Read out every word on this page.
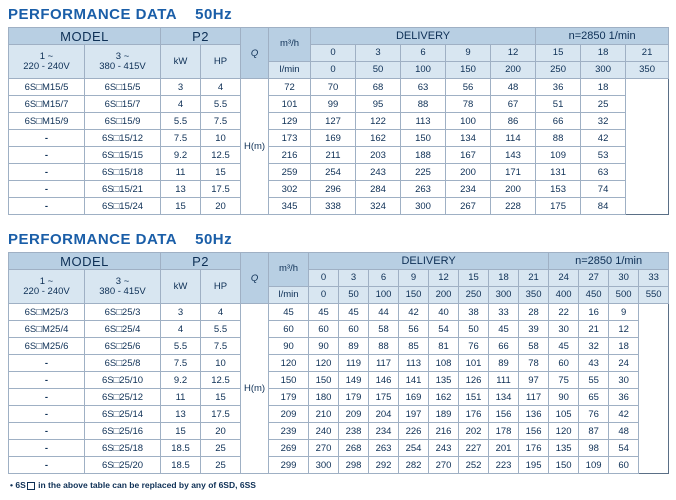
PERFORMANCE DATA 50Hz
MODEL		P2		Q	m³/h	DELIVERY					n=2850 1/min		

1 ~
220 - 240V

3 ~
380 - 415V	kW	HP	0	3	6	9	12	15	18	21
					l/min	0	50	100	150	200	250	300	350
6S□M15/5	6S□15/5	3	4	H(m)	72	70	68	63	56	48	36	18	
6S□M15/7	6S□15/7	4	5.5		101	99	95	88	78	67	51	25	
6S□M15/9	6S□15/9	5.5	7.5		129	127	122	113	100	86	66	32	
-	6S□15/12	7.5	10		173	169	162	150	134	114	88	42	
-	6S□15/15	9.2	12.5		216	211	203	188	167	143	109	53	
-	6S□15/18	11	15		259	254	243	225	200	171	131	63	
-	6S□15/21	13	17.5		302	296	284	263	234	200	153	74	
-	6S□15/24	15	20		345	338	324	300	267	228	175	84	
PERFORMANCE DATA 50Hz
MODEL		P2		Q	m³/h	DELIVERY								n=2850 1/min			

1 ~
220 - 240V

3 ~
380 - 415V	kW	HP	0	3	6	9	12	15	18	21	24	27	30	33
					l/min	0	50	100	150	200	250	300	350	400	450	500	550
6S□M25/3	6S□25/3	3	4	H(m)	45	45	45	44	42	40	38	33	28	22	16	9	
6S□M25/4	6S□25/4	4	5.5		60	60	60	58	56	54	50	45	39	30	21	12	
6S□M25/6	6S□25/6	5.5	7.5		90	90	89	88	85	81	76	66	58	45	32	18	
-	6S□25/8	7.5	10		120	120	119	117	113	108	101	89	78	60	43	24	
-	6S□25/10	9.2	12.5		150	150	149	146	141	135	126	111	97	75	55	30	
-	6S□25/12	11	15		179	180	179	175	169	162	151	134	117	90	65	36	
-	6S□25/14	13	17.5		209	210	209	204	197	189	176	156	136	105	76	42	
-	6S□25/16	15	20		239	240	238	234	226	216	202	178	156	120	87	48	
-	6S□25/18	18.5	25		269	270	268	263	254	243	227	201	176	135	98	54	
-	6S□25/20	18.5	25		299	300	298	292	282	270	252	223	195	150	109	60	
• 6S in the above table can be replaced by any of 6SD, 6SS
